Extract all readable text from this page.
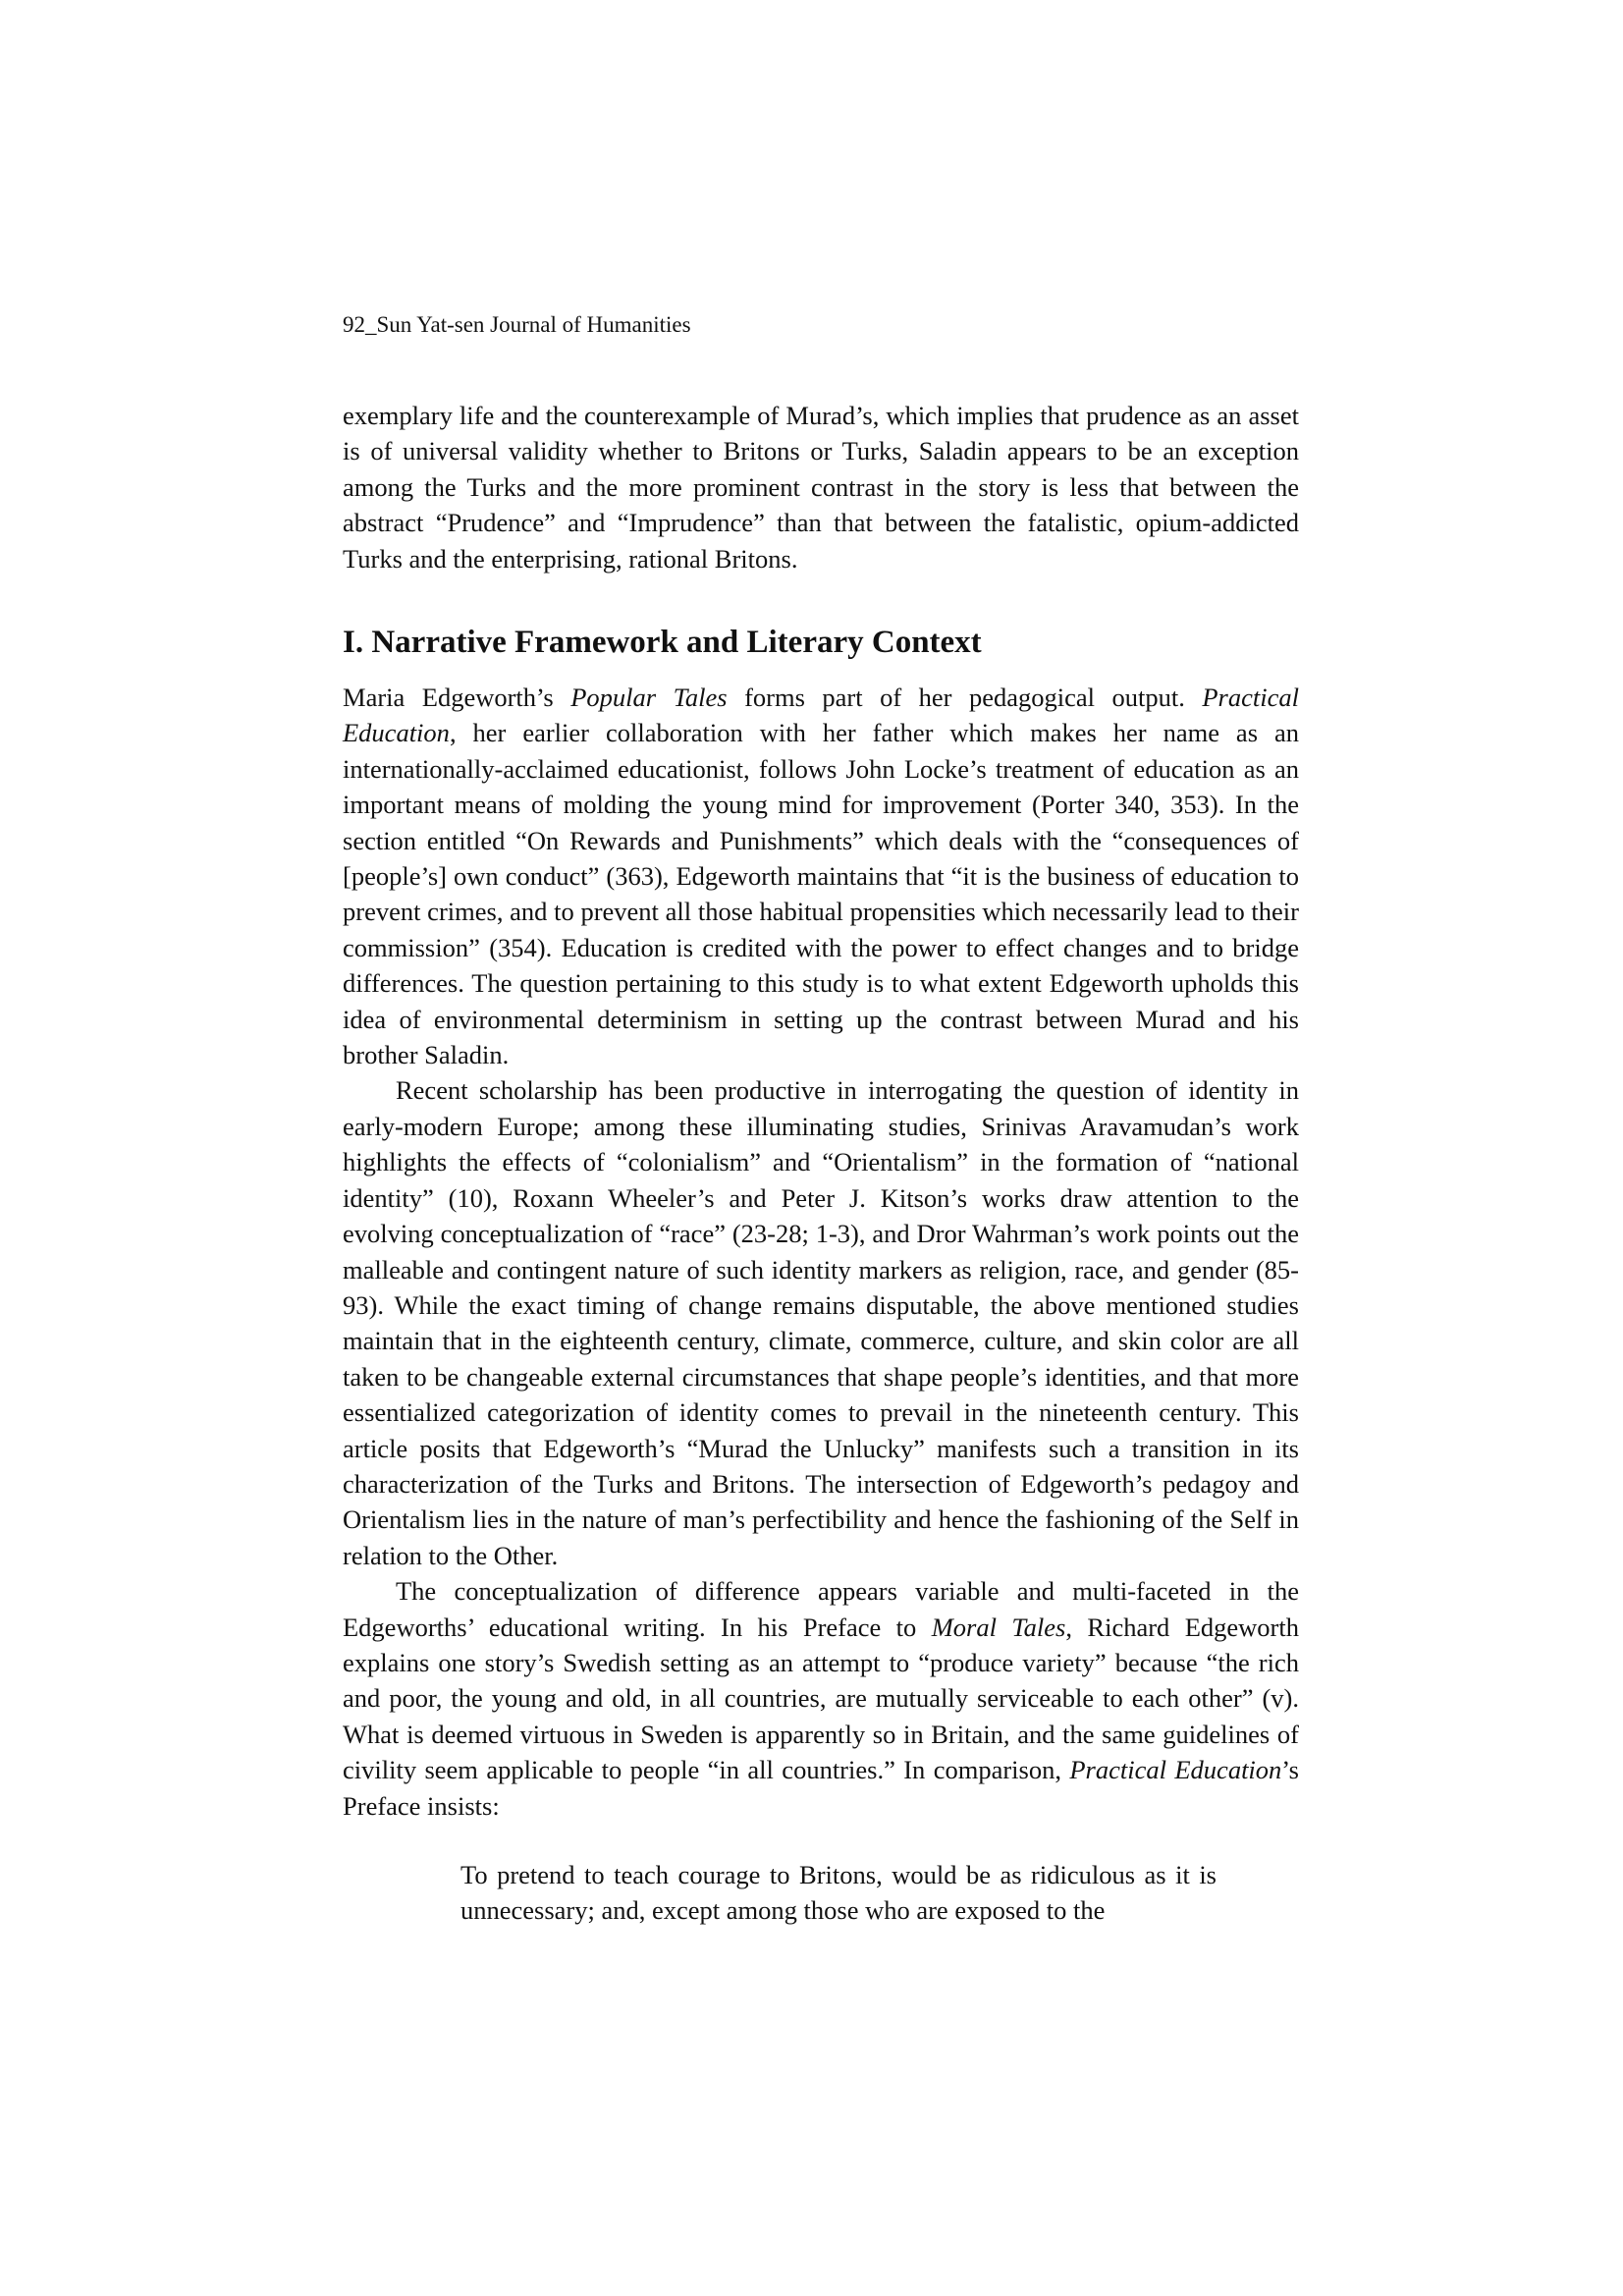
92_Sun Yat-sen Journal of Humanities

exemplary life and the counterexample of Murad’s, which implies that prudence as an asset is of universal validity whether to Britons or Turks, Saladin appears to be an exception among the Turks and the more prominent contrast in the story is less that between the abstract “Prudence” and “Imprudence” than that between the fatalistic, opium-addicted Turks and the enterprising, rational Britons.

I. Narrative Framework and Literary Context

Maria Edgeworth’s Popular Tales forms part of her pedagogical output. Practical Education, her earlier collaboration with her father which makes her name as an internationally-acclaimed educationist, follows John Locke’s treatment of education as an important means of molding the young mind for improvement (Porter 340, 353). In the section entitled “On Rewards and Punishments” which deals with the “consequences of [people’s] own conduct” (363), Edgeworth maintains that “it is the business of education to prevent crimes, and to prevent all those habitual propensities which necessarily lead to their commission” (354). Education is credited with the power to effect changes and to bridge differences. The question pertaining to this study is to what extent Edgeworth upholds this idea of environmental determinism in setting up the contrast between Murad and his brother Saladin.

Recent scholarship has been productive in interrogating the question of identity in early-modern Europe; among these illuminating studies, Srinivas Aravamudan’s work highlights the effects of “colonialism” and “Orientalism” in the formation of “national identity” (10), Roxann Wheeler’s and Peter J. Kitson’s works draw attention to the evolving conceptualization of “race” (23-28; 1-3), and Dror Wahrman’s work points out the malleable and contingent nature of such identity markers as religion, race, and gender (85-93). While the exact timing of change remains disputable, the above mentioned studies maintain that in the eighteenth century, climate, commerce, culture, and skin color are all taken to be changeable external circumstances that shape people’s identities, and that more essentialized categorization of identity comes to prevail in the nineteenth century. This article posits that Edgeworth’s “Murad the Unlucky” manifests such a transition in its characterization of the Turks and Britons. The intersection of Edgeworth’s pedagoy and Orientalism lies in the nature of man’s perfectibility and hence the fashioning of the Self in relation to the Other.

The conceptualization of difference appears variable and multi-faceted in the Edgeworths’ educational writing. In his Preface to Moral Tales, Richard Edgeworth explains one story’s Swedish setting as an attempt to “produce variety” because “the rich and poor, the young and old, in all countries, are mutually serviceable to each other” (v). What is deemed virtuous in Sweden is apparently so in Britain, and the same guidelines of civility seem applicable to people “in all countries.” In comparison, Practical Education’s Preface insists:

To pretend to teach courage to Britons, would be as ridiculous as it is unnecessary; and, except among those who are exposed to the
